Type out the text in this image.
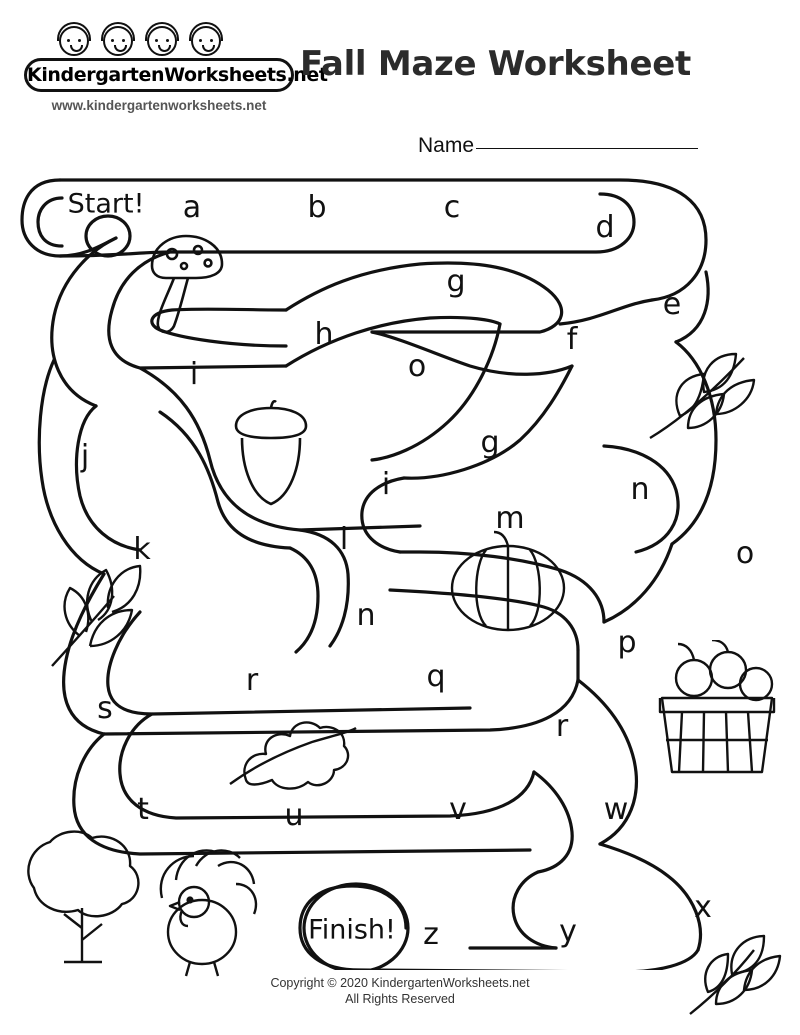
KindergartenWorksheets.net
www.kindergartenworksheets.net
Fall Maze Worksheet
Name
Start!
Finish!
a	b	c
d
e
f
g
h
o
i
j	g
i
k	l
m
n
o
n
p
q
r
s
r
t	u	v	w
x
y
z
Copyright © 2020 KindergartenWorksheets.net
All Rights Reserved
